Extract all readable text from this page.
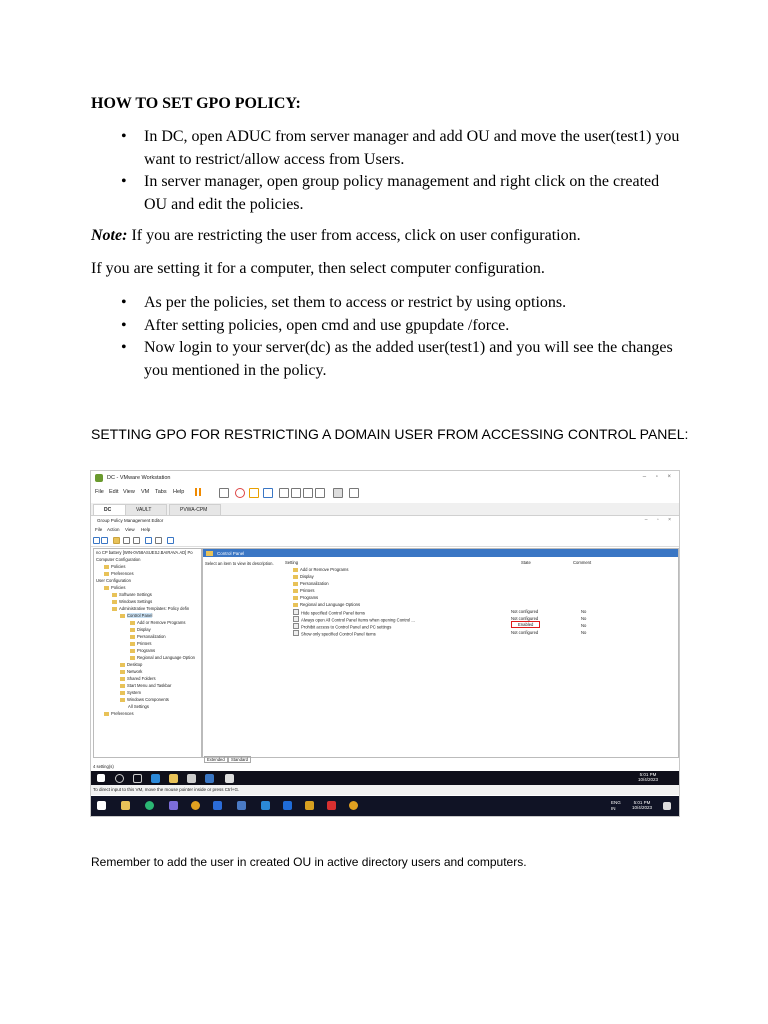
HOW TO SET GPO POLICY:
• In DC, open ADUC from server manager and add OU and move the user(test1) you want to restrict/allow access from Users.
• In server manager, open group policy management and right click on the created OU and edit the policies.
Note: If you are restricting the user from access, click on user configuration.
If you are setting it for a computer, then select computer configuration.
• As per the policies, set them to access or restrict by using options.
• After setting policies, open cmd and use gpupdate /force.
• Now login to your server(dc) as the added user(test1) and you will see the changes you mentioned in the policy.
SETTING GPO FOR RESTRICTING A DOMAIN USER FROM ACCESSING CONTROL PANEL:
DC - VMware Workstation	– ▫ ×
File Edit View VM Tabs Help
DC	VAULT	PVWA-CPM
Group Policy Management Editor	– ▫ ×
File Action View Help
no CP battery [WIN-0V58ASUESJ.BAIRAVA.AD] Po
Computer Configuration
Policies
Preferences
User Configuration
Policies
Software Settings
Windows Settings
Administrative Templates: Policy defin
Control Panel
Add or Remove Programs
Display
Personalization
Printers
Programs
Regional and Language Option
Desktop
Network
Shared Folders
Start Menu and Taskbar
System
Windows Components
All Settings
Preferences
Control Panel
Select an item to view its description.	Setting	State	Comment
Add or Remove Programs
Display
Personalization
Printers
Programs
Regional and Language Options
Hide specified Control Panel items	Not configured	No
Always open All Control Panel Items when opening Control ...	Not configured	No
Prohibit access to Control Panel and PC settings	Enabled	No
Show only specified Control Panel items	Not configured	No
Extended	Standard
4 setting(s)
5:01 PM
10/4/2023
To direct input to this VM, move the mouse pointer inside or press Ctrl+G.
ENG
IN
5:01 PM
10/4/2023
Remember to add the user in created OU in active directory users and computers.
